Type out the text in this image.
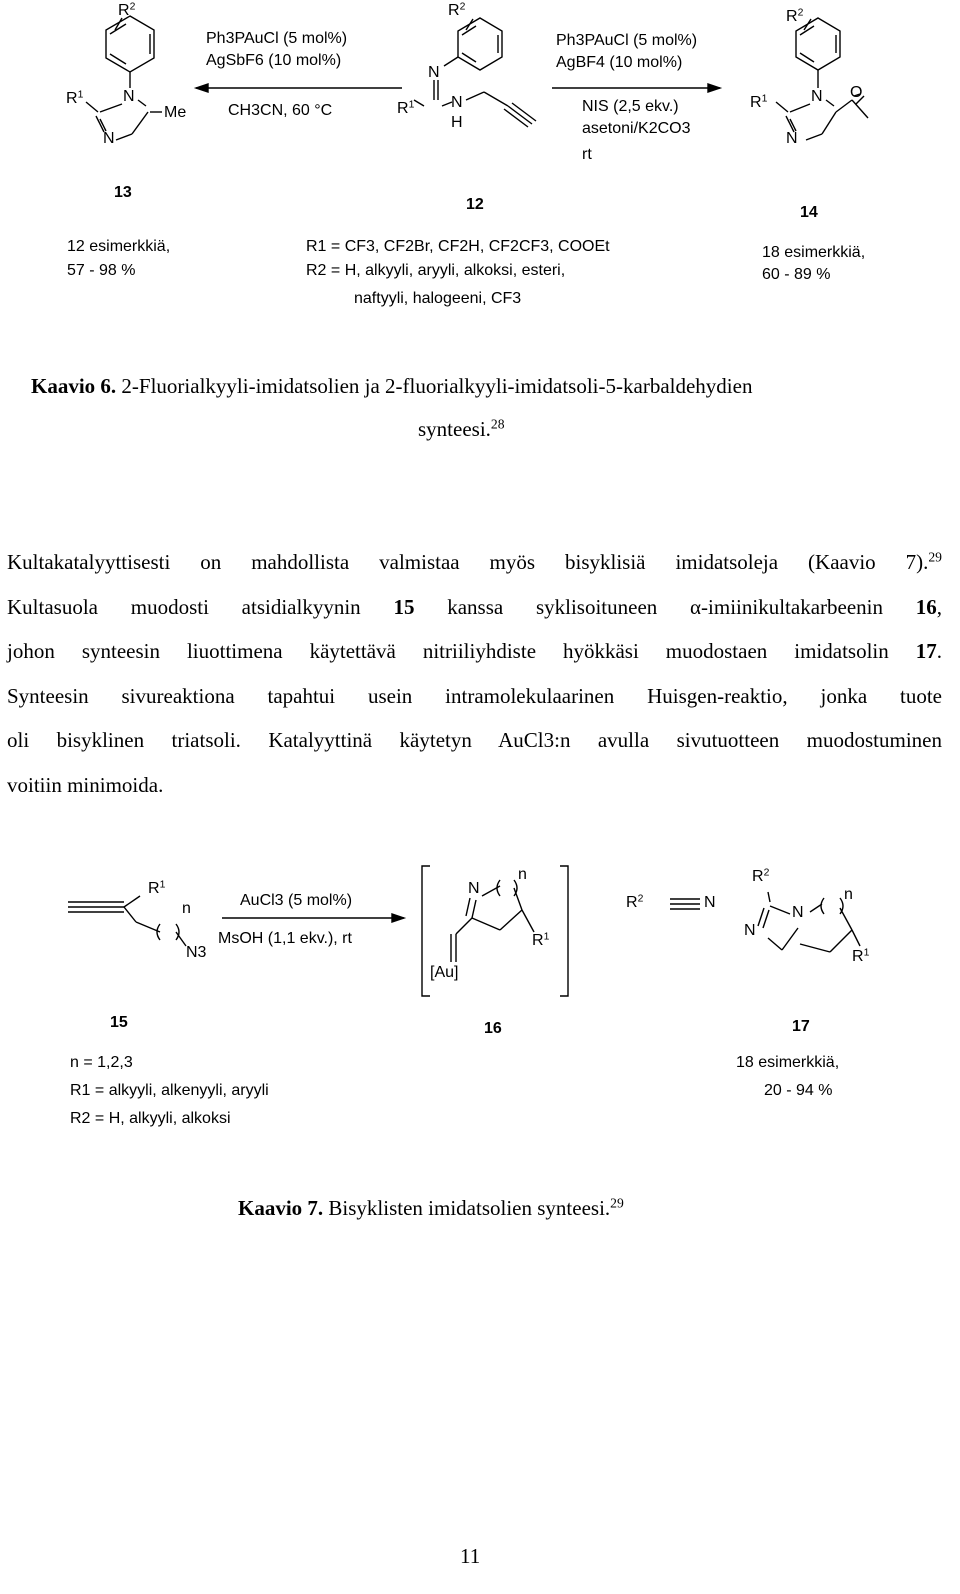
$R^2$
N
$R^1$
N
Me
$R^2$
N
$R^1$ N
H
$R^2$
N
$R^1$
N
O
Ph3PAuCl (5 mol%)
AgSbF6 (10 mol%)
CH3CN, 60 °C
Ph3PAuCl (5 mol%)
AgBF4 (10 mol%)
NIS (2,5 ekv.)
asetoni/K2CO3
rt
13
12	14
12 esimerkkiä,
57 - 98 %
R1 = CF3, CF2Br, CF2H, CF2CF3, COOEt
R2 = H, alkyyli, aryyli, alkoksi, esteri,
naftyyli, halogeeni, CF3
18 esimerkkiä,
60 - 89 %
Kaavio 6. 2-Fluorialkyyli-imidatsolien ja 2-fluorialkyyli-imidatsoli-5-karbaldehydien
synteesi.$^{28}$
Kultakatalyyttisesti on mahdollista valmistaa myös bisyklisiä imidatsoleja (Kaavio 7).$^{29}$
Kultasuola muodosti atsidialkyynin 15 kanssa syklisoituneen α-imiinikultakarbeenin 16,
johon synteesin liuottimena käytettävä nitriiliyhdiste hyökkäsi muodostaen imidatsolin 17.
Synteesin sivureaktiona tapahtui usein intramolekulaarinen Huisgen-reaktio, jonka tuote
oli bisyklinen triatsoli. Katalyyttinä käytetyn AuCl3:n avulla sivutuotteen muodostuminen
voitiin minimoida.
$R^1$
n
N3
AuCl3 (5 mol%)
MsOH (1,1 ekv.), rt
N
n
$R^1$
[Au]
$R^2$	N
$R^2$
N
N
n
$R^1$
15	16	17
n = 1,2,3
R1 = alkyyli, alkenyyli, aryyli
R2 = H, alkyyli, alkoksi
18 esimerkkiä,
20 - 94 %
Kaavio 7. Bisyklisten imidatsolien synteesi.$^{29}$
11
